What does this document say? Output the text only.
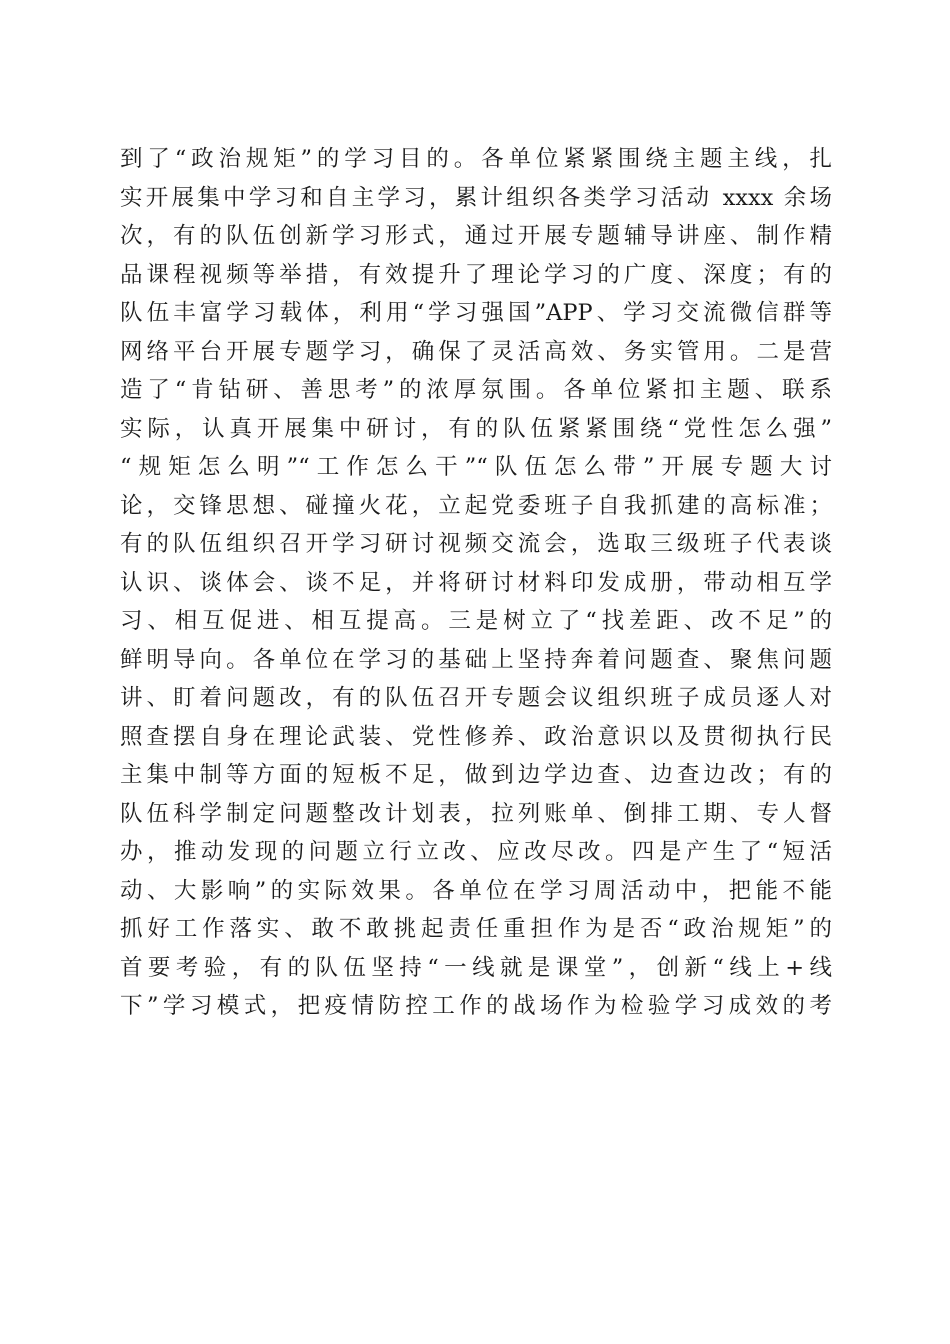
到了“政治规矩”的学习目的。各单位紧紧围绕主题主线，扎
实开展集中学习和自主学习，累计组织各类学习活动 xxxx 余场
次，有的队伍创新学习形式，通过开展专题辅导讲座、制作精
品课程视频等举措，有效提升了理论学习的广度、深度；有的
队伍丰富学习载体，利用“学习强国”APP、学习交流微信群等
网络平台开展专题学习，确保了灵活高效、务实管用。二是营
造了“肯钻研、善思考”的浓厚氛围。各单位紧扣主题、联系
实际，认真开展集中研讨，有的队伍紧紧围绕“党性怎么强”
“规矩怎么明”“工作怎么干”“队伍怎么带”开展专题大讨
论，交锋思想、碰撞火花，立起党委班子自我抓建的高标准；
有的队伍组织召开学习研讨视频交流会，选取三级班子代表谈
认识、谈体会、谈不足，并将研讨材料印发成册，带动相互学
习、相互促进、相互提高。三是树立了“找差距、改不足”的
鲜明导向。各单位在学习的基础上坚持奔着问题查、聚焦问题
讲、盯着问题改，有的队伍召开专题会议组织班子成员逐人对
照查摆自身在理论武装、党性修养、政治意识以及贯彻执行民
主集中制等方面的短板不足，做到边学边查、边查边改；有的
队伍科学制定问题整改计划表，拉列账单、倒排工期、专人督
办，推动发现的问题立行立改、应改尽改。四是产生了“短活
动、大影响”的实际效果。各单位在学习周活动中，把能不能
抓好工作落实、敢不敢挑起责任重担作为是否“政治规矩”的
首要考验，有的队伍坚持“一线就是课堂”，创新“线上+线
下”学习模式，把疫情防控工作的战场作为检验学习成效的考
